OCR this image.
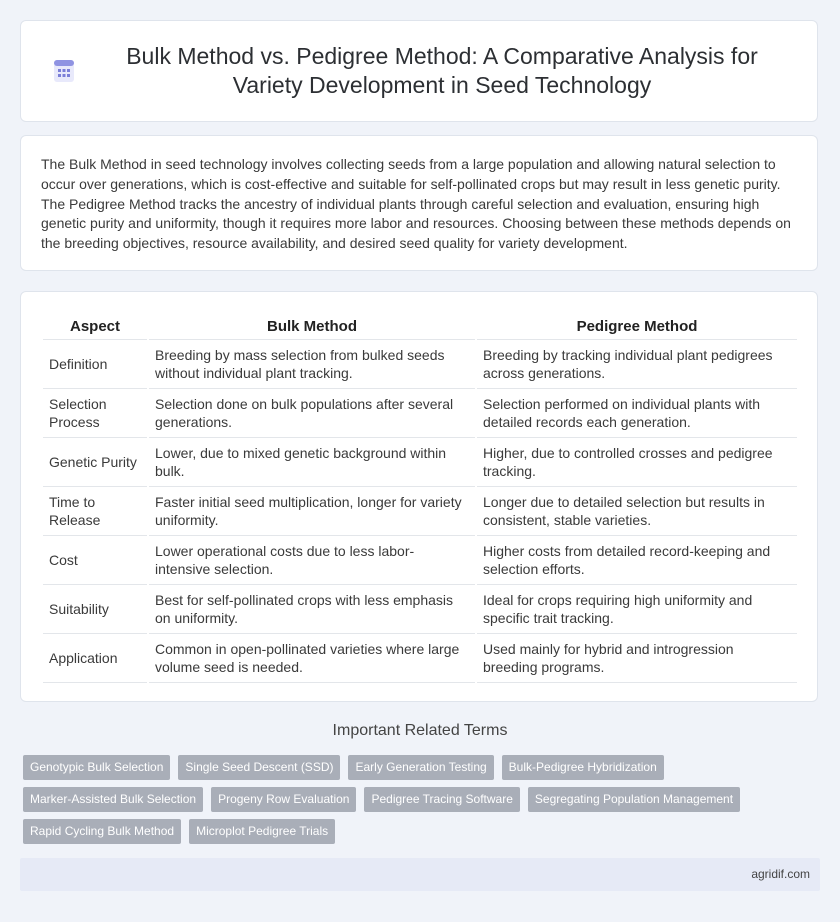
Bulk Method vs. Pedigree Method: A Comparative Analysis for Variety Development in Seed Technology

The Bulk Method in seed technology involves collecting seeds from a large population and allowing natural selection to occur over generations, which is cost-effective and suitable for self-pollinated crops but may result in less genetic purity. The Pedigree Method tracks the ancestry of individual plants through careful selection and evaluation, ensuring high genetic purity and uniformity, though it requires more labor and resources. Choosing between these methods depends on the breeding objectives, resource availability, and desired seed quality for variety development.

Aspect	Bulk Method	Pedigree Method
Definition	Breeding by mass selection from bulked seeds without individual plant tracking.	Breeding by tracking individual plant pedigrees across generations.
Selection Process	Selection done on bulk populations after several generations.	Selection performed on individual plants with detailed records each generation.
Genetic Purity	Lower, due to mixed genetic background within bulk.	Higher, due to controlled crosses and pedigree tracking.
Time to Release	Faster initial seed multiplication, longer for variety uniformity.	Longer due to detailed selection but results in consistent, stable varieties.
Cost	Lower operational costs due to less labor-intensive selection.	Higher costs from detailed record-keeping and selection efforts.
Suitability	Best for self-pollinated crops with less emphasis on uniformity.	Ideal for crops requiring high uniformity and specific trait tracking.
Application	Common in open-pollinated varieties where large volume seed is needed.	Used mainly for hybrid and introgression breeding programs.
Important Related Terms
Genotypic Bulk Selection	Single Seed Descent (SSD)	Early Generation Testing	Bulk-Pedigree Hybridization
Marker-Assisted Bulk Selection	Progeny Row Evaluation	Pedigree Tracing Software	Segregating Population Management
Rapid Cycling Bulk Method	Microplot Pedigree Trials
agridif.com
